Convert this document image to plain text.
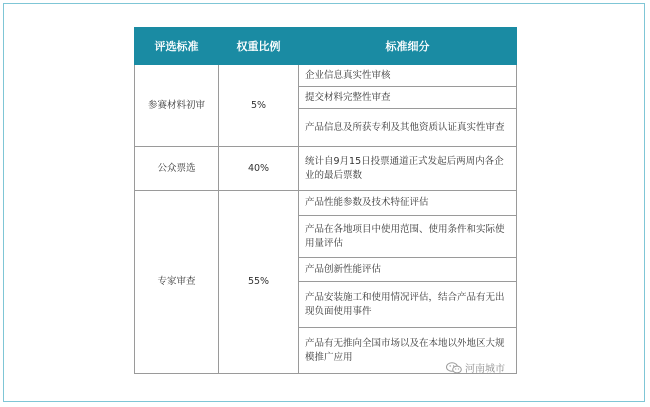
评选标准	权重比例	标准细分
参赛材料初审	5%	企业信息真实性审核
		提交材料完整性审查
		产品信息及所获专利及其他资质认证真实性审查
公众票选	40%	统计自9月15日投票通道正式发起后两周内各企业的最后票数
专家审查	55%	产品性能参数及技术特征评估
		产品在各地项目中使用范围、使用条件和实际使用量评估
		产品创新性能评估
		产品安装施工和使用情况评估，结合产品有无出现负面使用事件
		产品有无推向全国市场以及在本地以外地区大规模推广应用
河南城市
